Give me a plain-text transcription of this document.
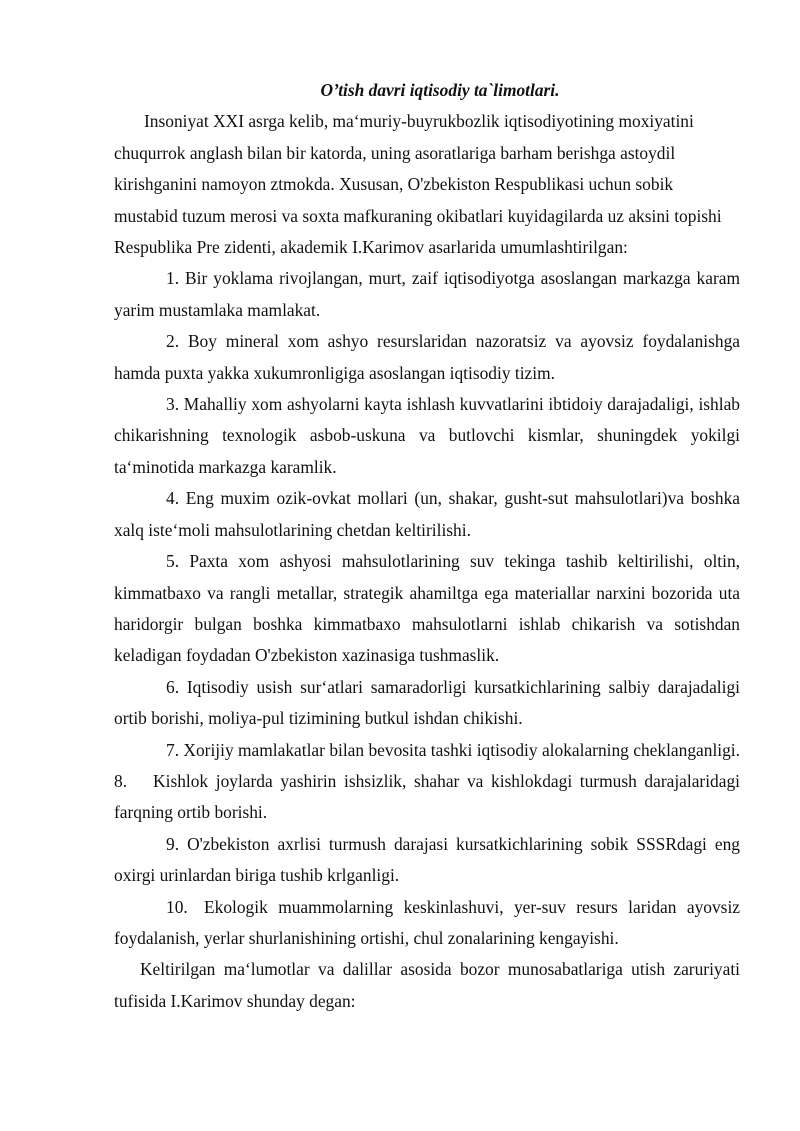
O’tish davri iqtisodiy ta`limotlari.

Insoniyat XXI asrga kelib, ma‘muriy-buyrukbozlik iqtisodiyotining moxiyatini chuqurrok anglash bilan bir katorda, uning asoratlariga barham berishga astoydil kirishganini namoyon ztmokda. Xususan, O'zbekiston Respublikasi uchun sobik mustabid tuzum merosi va soxta mafkuraning okibatlari kuyidagilarda uz aksini topishi Respublika Pre zidenti, akademik I.Karimov asarlarida umumlashtirilgan:

1. Bir yoklama rivojlangan, murt, zaif iqtisodiyotga asoslangan markazga karam yarim mustamlaka mamlakat.

2. Boy mineral xom ashyo resurslaridan nazoratsiz va ayovsiz foydalanishga hamda puxta yakka xukumronligiga asoslangan iqtisodiy tizim.

3. Mahalliy xom ashyolarni kayta ishlash kuvvatlarini ibtidoiy darajadaligi, ishlab chikarishning texnologik asbob-uskuna va butlovchi kismlar, shuningdek yokilgi ta‘minotida markazga karamlik.

4. Eng muxim ozik-ovkat mollari (un, shakar, gusht-sut mahsulotlari)va boshka xalq iste‘moli mahsulotlarining chetdan keltirilishi.

5. Paxta xom ashyosi mahsulotlarining suv tekinga tashib keltirilishi, oltin, kimmatbaxo va rangli metallar, strategik ahamiltga ega materiallar narxini bozorida uta haridorgir bulgan boshka kimmatbaxo mahsulotlarni ishlab chikarish va sotishdan keladigan foydadan O'zbekiston xazinasiga tushmaslik.

6. Iqtisodiy usish sur‘atlari samaradorligi kursatkichlarining salbiy darajadaligi ortib borishi, moliya-pul tizimining butkul ishdan chikishi.

7. Xorijiy mamlakatlar bilan bevosita tashki iqtisodiy alokalarning cheklanganligi. 8. Kishlok joylarda yashirin ishsizlik, shahar va kishlokdagi turmush darajalaridagi farqning ortib borishi.

9. O'zbekiston axrlisi turmush darajasi kursatkichlarining sobik SSSRdagi eng oxirgi urinlardan biriga tushib krlganligi.

10. Ekologik muammolarning keskinlashuvi, yer-suv resurs laridan ayovsiz foydalanish, yerlar shurlanishining ortishi, chul zonalarining kengayishi.

Keltirilgan ma‘lumotlar va dalillar asosida bozor munosabatlariga utish zaruriyati tufisida I.Karimov shunday degan:
